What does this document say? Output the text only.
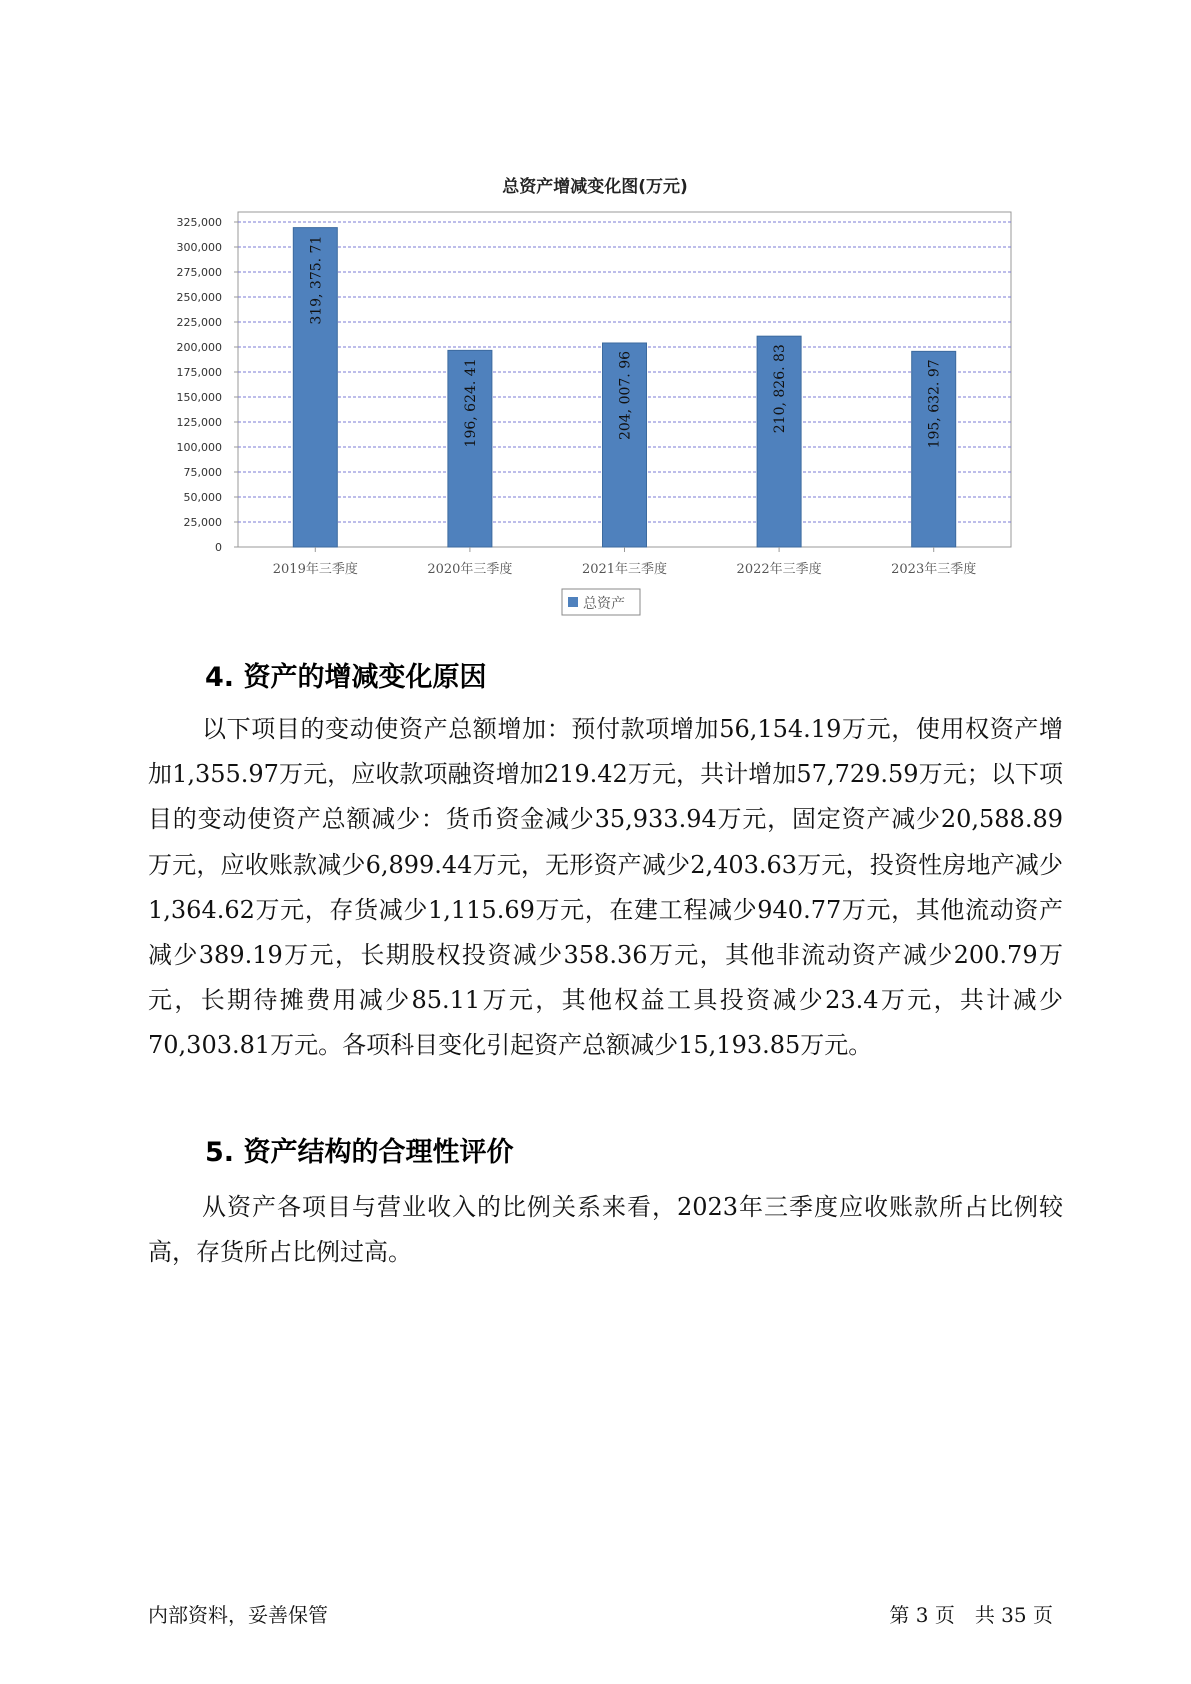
总资产增减变化图(万元)
0
25,000
50,000
75,000
100,000
125,000
150,000
175,000
200,000
225,000
250,000
275,000
300,000
325,000
319, 375. 71
196, 624. 41	204, 007. 96	210, 826. 83	195, 632. 97
2019年三季度	2020年三季度	2021年三季度	2022年三季度	2023年三季度
总资产
4. 资产的增减变化原因

以下项目的变动使资产总额增加：预付款项增加56,154.19万元，使用权资产增加1,355.97万元，应收款项融资增加219.42万元，共计增加57,729.59万元；以下项目的变动使资产总额减少：货币资金减少35,933.94万元，固定资产减少20,588.89万元，应收账款减少6,899.44万元，无形资产减少2,403.63万元，投资性房地产减少1,364.62万元，存货减少1,115.69万元，在建工程减少940.77万元，其他流动资产减少389.19万元，长期股权投资减少358.36万元，其他非流动资产减少200.79万元，长期待摊费用减少85.11万元，其他权益工具投资减少23.4万元，共计减少70,303.81万元。各项科目变化引起资产总额减少15,193.85万元。

5. 资产结构的合理性评价

从资产各项目与营业收入的比例关系来看，2023年三季度应收账款所占比例较高，存货所占比例过高。

内部资料，妥善保管	第 3 页　共 35 页
